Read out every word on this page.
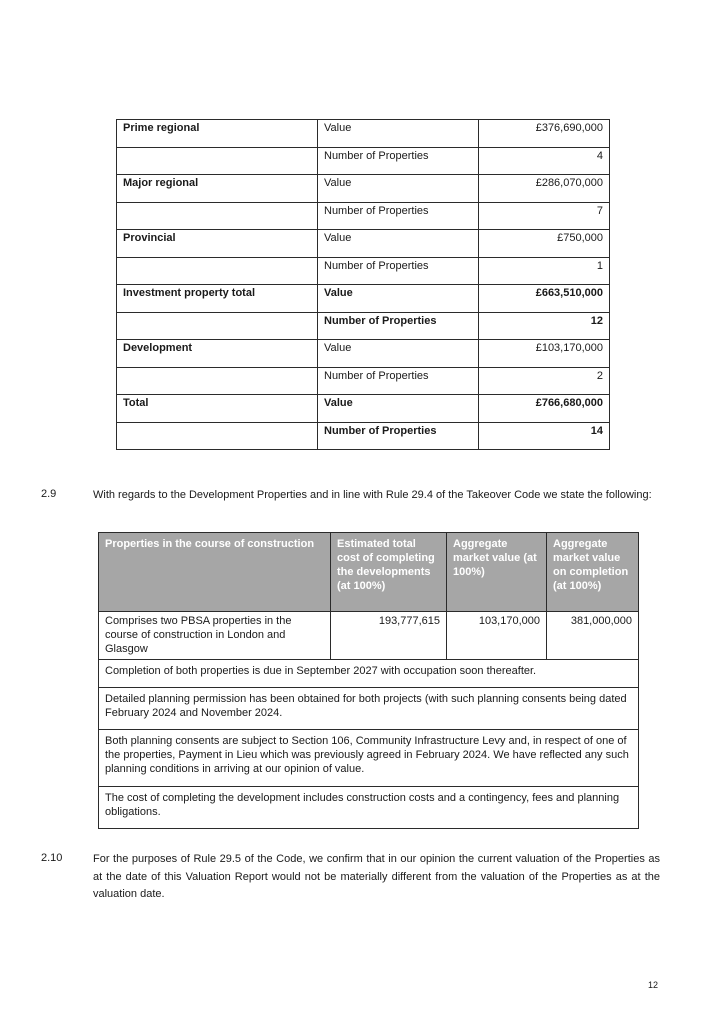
Prime regional	Value	£376,690,000
	Number of Properties	4
Major regional	Value	£286,070,000
	Number of Properties	7
Provincial	Value	£750,000
	Number of Properties	1
Investment property total	Value	£663,510,000
	Number of Properties	12
Development	Value	£103,170,000
	Number of Properties	2
Total	Value	£766,680,000
	Number of Properties	14
2.9	With regards to the Development Properties and in line with Rule 29.4 of the Takeover Code we state the following:
Properties in the course of construction	Estimated total cost of completing the developments (at 100%)	Aggregate market value (at 100%)	Aggregate market value on completion (at 100%)
Comprises two PBSA properties in the course of construction in London and Glasgow	193,777,615	103,170,000	381,000,000
Completion of both properties is due in September 2027 with occupation soon thereafter.			
Detailed planning permission has been obtained for both projects (with such planning consents being dated February 2024 and November 2024.			
Both planning consents are subject to Section 106, Community Infrastructure Levy and, in respect of one of the properties, Payment in Lieu which was previously agreed in February 2024. We have reflected any such planning conditions in arriving at our opinion of value.			
The cost of completing the development includes construction costs and a contingency, fees and planning obligations.			
2.10	For the purposes of Rule 29.5 of the Code, we confirm that in our opinion the current valuation of the Properties as at the date of this Valuation Report would not be materially different from the valuation of the Properties as at the valuation date.
12
